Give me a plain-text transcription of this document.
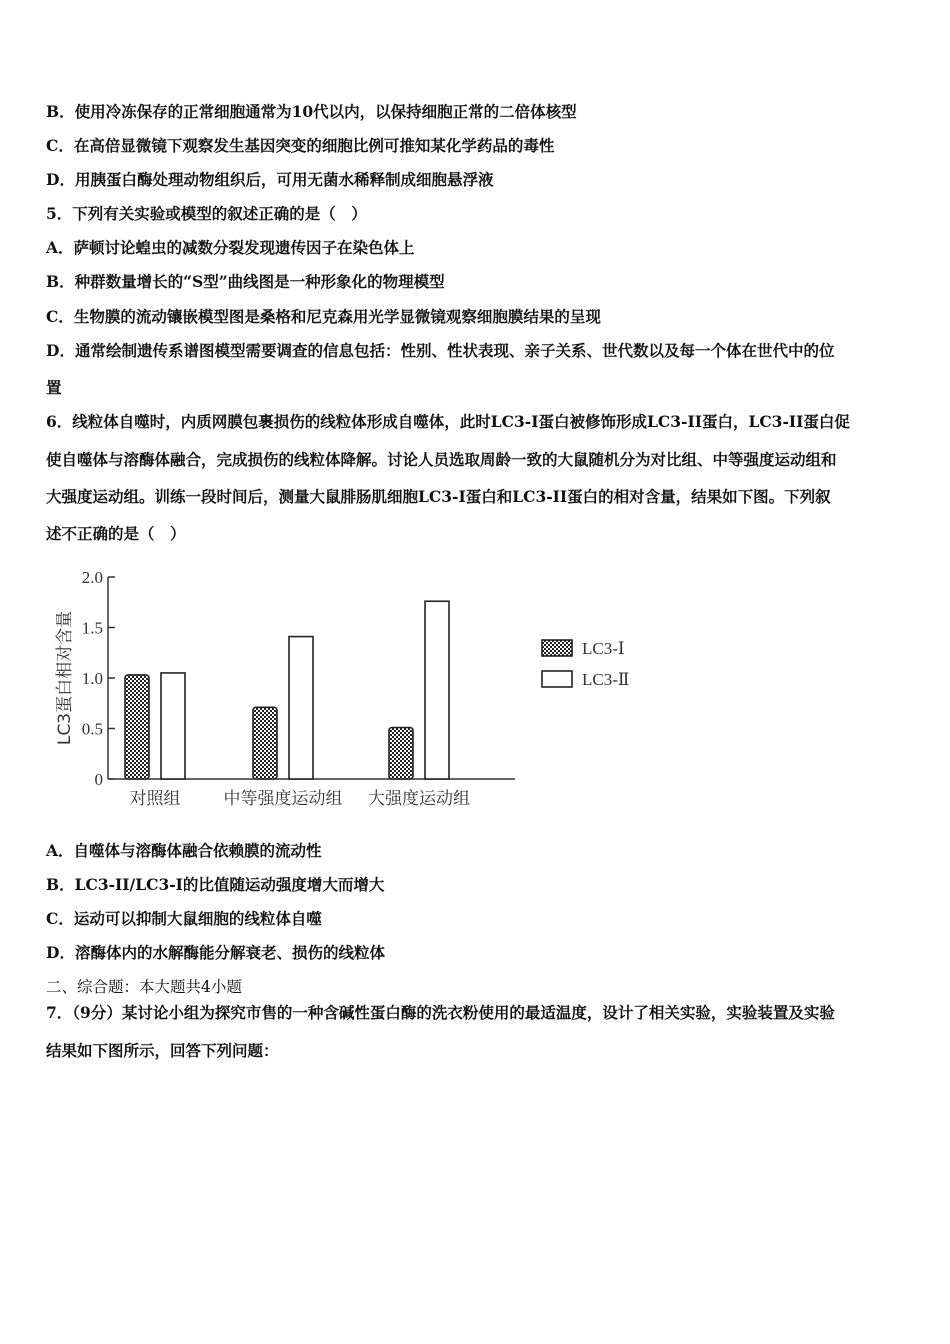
B．使用冷冻保存的正常细胞通常为10代以内，以保持细胞正常的二倍体核型
C．在高倍显微镜下观察发生基因突变的细胞比例可推知某化学药品的毒性
D．用胰蛋白酶处理动物组织后，可用无菌水稀释制成细胞悬浮液
5．下列有关实验或模型的叙述正确的是（　）
A．萨顿讨论蝗虫的减数分裂发现遗传因子在染色体上
B．种群数量增长的“S型”曲线图是一种形象化的物理模型
C．生物膜的流动镶嵌模型图是桑格和尼克森用光学显微镜观察细胞膜结果的呈现
D．通常绘制遗传系谱图模型需要调查的信息包括：性别、性状表现、亲子关系、世代数以及每一个体在世代中的位
置
6．线粒体自噬时，内质网膜包裹损伤的线粒体形成自噬体，此时LC3-I蛋白被修饰形成LC3-II蛋白，LC3-II蛋白促
使自噬体与溶酶体融合，完成损伤的线粒体降解。讨论人员选取周龄一致的大鼠随机分为对比组、中等强度运动组和
大强度运动组。训练一段时间后，测量大鼠腓肠肌细胞LC3-I蛋白和LC3-II蛋白的相对含量，结果如下图。下列叙
述不正确的是（　）
0
0.5
1.0
1.5
2.0
LC3蛋白相对含量
对照组	中等强度运动组 大强度运动组
LC3-Ⅰ
LC3-Ⅱ
A．自噬体与溶酶体融合依赖膜的流动性
B．LC3-II/LC3-I的比值随运动强度增大而增大
C．运动可以抑制大鼠细胞的线粒体自噬
D．溶酶体内的水解酶能分解衰老、损伤的线粒体
二、综合题：本大题共4小题
7．（9分）某讨论小组为探究市售的一种含碱性蛋白酶的洗衣粉使用的最适温度，设计了相关实验，实验装置及实验
结果如下图所示，回答下列问题：
